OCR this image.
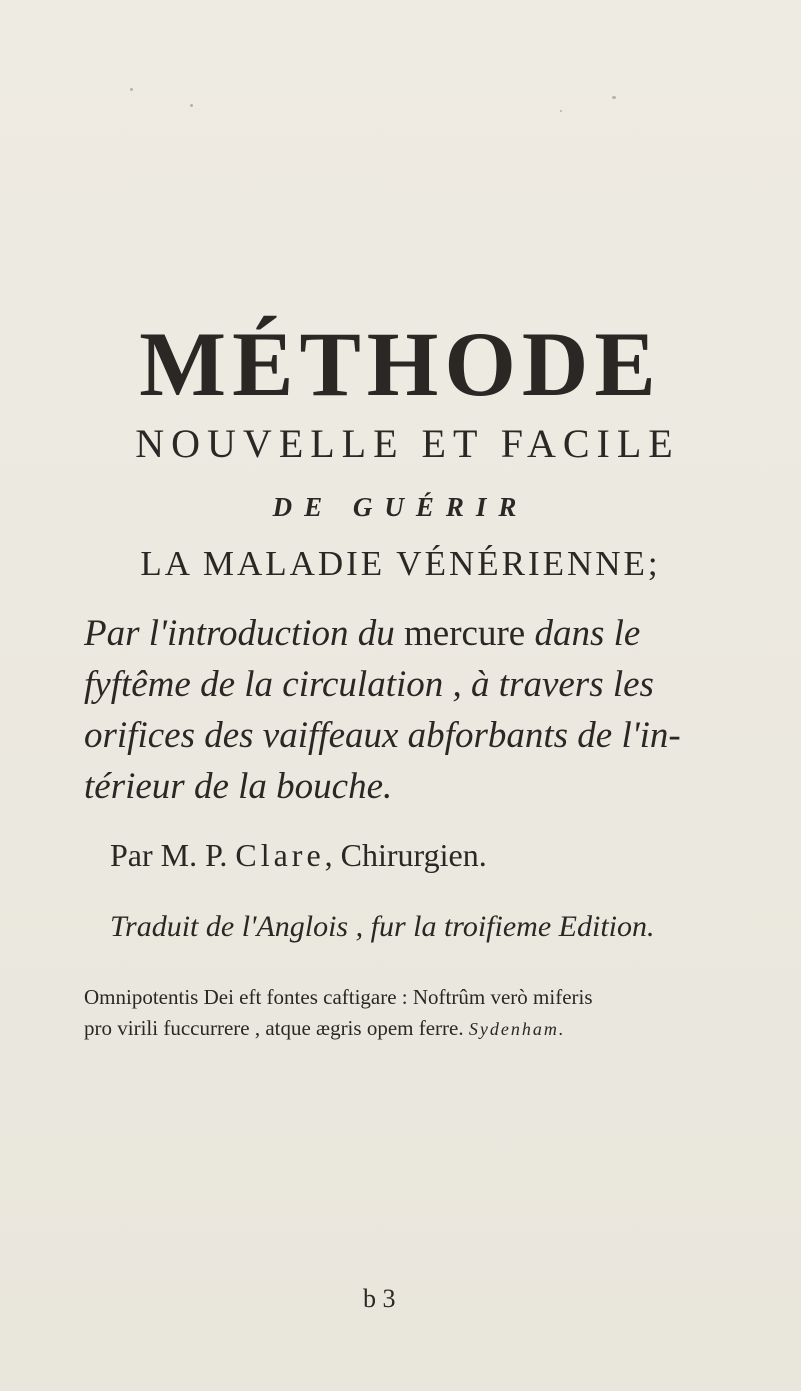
MÉTHODE
NOUVELLE ET FACILE
DE GUÉRIR
LA MALADIE VÉNÉRIENNE;
Par l'introduction du mercure dans le
fyftême de la circulation , à travers les
orifices des vaiffeaux abforbants de l'in-
térieur de la bouche.
Par M. P. Clare, Chirurgien.
Traduit de l'Anglois , fur la troifieme Edition.
Omnipotentis Dei eft fontes caftigare : Noftrûm verò miferis
pro virili fuccurrere , atque ægris opem ferre. Sydenham.
b 3
